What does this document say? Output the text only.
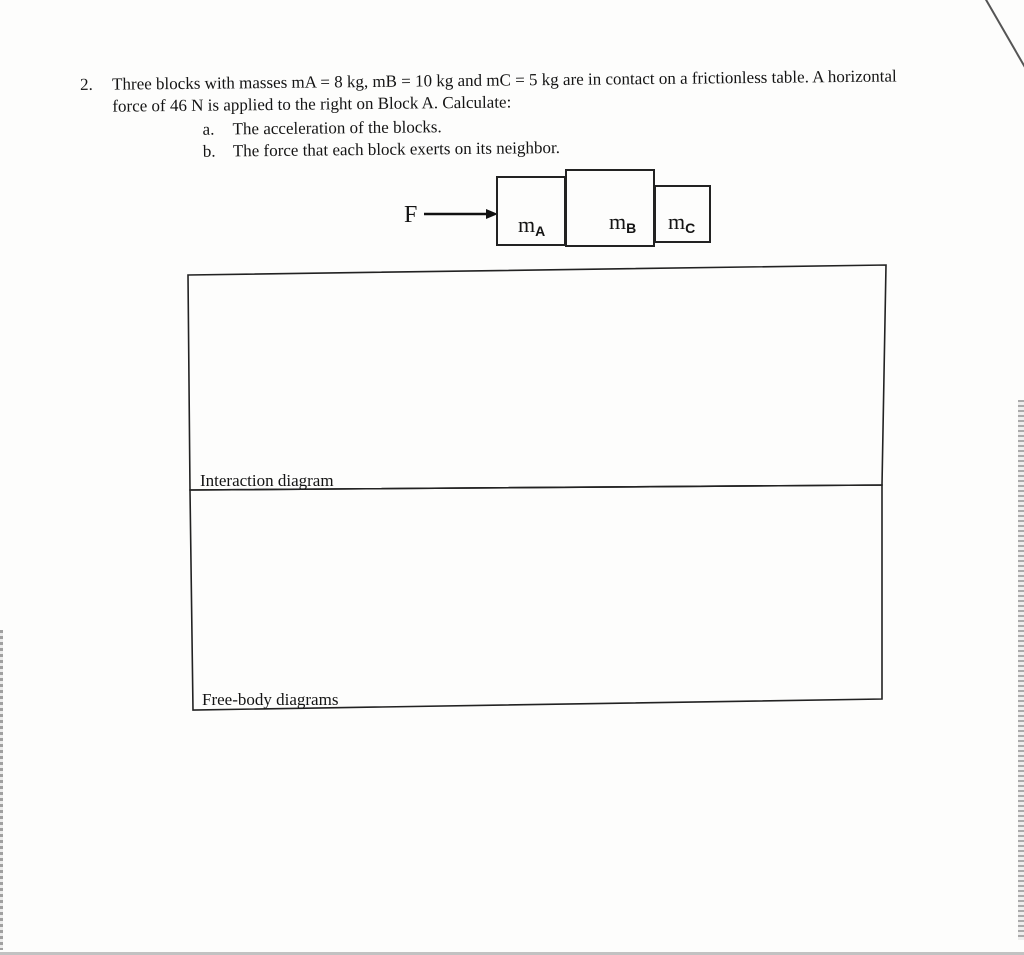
2.	Three blocks with masses mA = 8 kg, mB = 10 kg and mC = 5 kg are in contact on a frictionless table. A horizontal
force of 46 N is applied to the right on Block A. Calculate:
a.	The acceleration of the blocks.
b.	The force that each block exerts on its neighbor.
F	$m_A$	$m_B$ $m_C$
Interaction diagram
Free-body diagrams
